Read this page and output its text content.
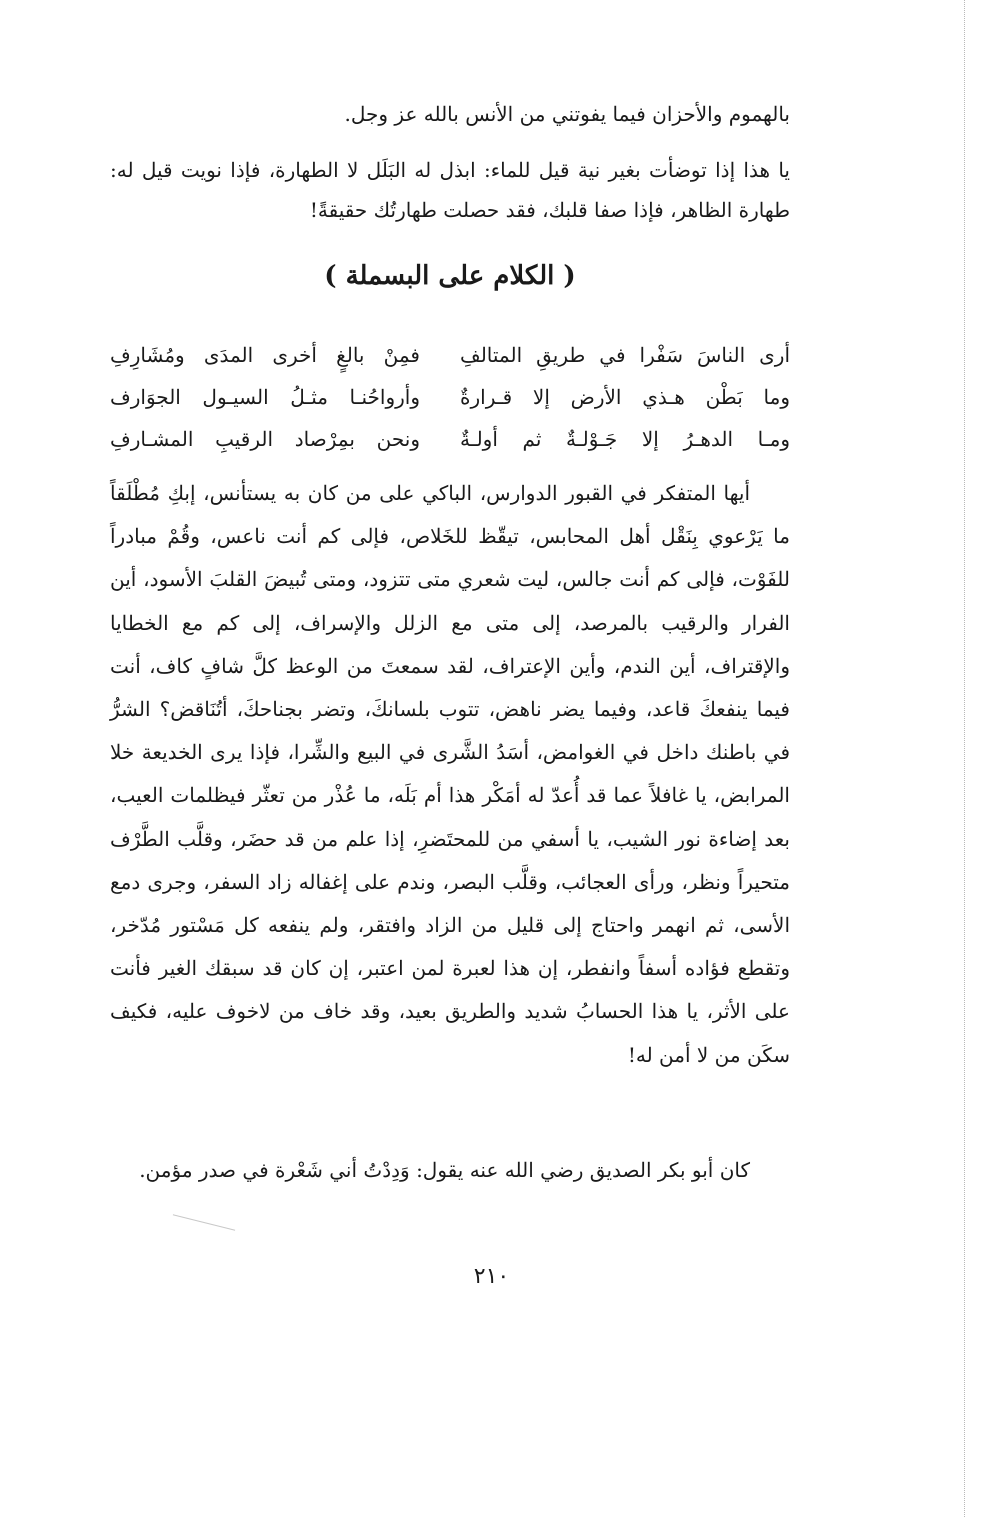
بالهموم والأحزان فيما يفوتني من الأنس بالله عز وجل.

يا هذا إذا توضأت بغير نية قيل للماء: ابذل له البَلَل لا الطهارة، فإذا نويت قيل له: طهارة الظاهر، فإذا صفا قلبك، فقد حصلت طهارتُك حقيقةً!

( الكلام على البسملة )
أرى الناسَ سَفْرا في طريقِ المتالفِ
فمِنْ بالغٍ أخرى المدَى ومُشَارِفِ
وما بَطْن هـذي الأرض إلا قـرارةٌ
وأرواحُنـا مثـلُ السيـول الجوَارف
ومـا الدهـرُ إلا جَـوْلـةٌ ثم أولـةٌ
ونحن بمِرْصاد الرقيبِ المشـارفِ

أيها المتفكر في القبور الدوارس، الباكي على من كان به يستأنس، إبكِ مُطْلَقاً ما يَرْعوي بِنَقْل أهل المحابس، تيقّظ للخَلاص، فإلى كم أنت ناعس، وقُمْ مبادراً للفَوْت، فإلى كم أنت جالس، ليت شعري متى تتزود، ومتى تُبيضَ القلبَ الأسود، أين الفرار والرقيب بالمرصد، إلى متى مع الزلل والإسراف، إلى كم مع الخطايا والإقتراف، أين الندم، وأين الإعتراف، لقد سمعتَ من الوعظ كلَّ شافٍ كاف، أنت فيما ينفعكَ قاعد، وفيما يضر ناهض، تتوب بلسانكَ، وتضر بجناحكَ، أتُنَاقض؟ الشرُّ في باطنك داخل في الغوامض، أسَدُ الشَّرى في البيع والشِّرا، فإذا يرى الخديعة خلا المرابض، يا غافلاً عما قد أُعدّ له أمَكْر هذا أم بَلَه، ما عُذْر من تعثّر فيظلمات العيب، بعد إضاءة نور الشيب، يا أسفي من للمحتَضرِ، إذا علم من قد حضَر، وقلَّب الطَّرْف متحيراً ونظر، ورأى العجائب، وقلَّب البصر، وندم على إغفاله زاد السفر، وجرى دمع الأسى، ثم انهمر واحتاج إلى قليل من الزاد وافتقر، ولم ينفعه كل مَسْتور مُدّخر، وتقطع فؤاده أسفاً وانفطر، إن هذا لعبرة لمن اعتبر، إن كان قد سبقك الغير فأنت على الأثر، يا هذا الحسابُ شديد والطريق بعيد، وقد خاف من لاخوف عليه، فكيف سكَن من لا أمن له!

كان أبو بكر الصديق رضي الله عنه يقول: وَدِدْتُ أني شَعْرة في صدر مؤمن.

٢١٠
